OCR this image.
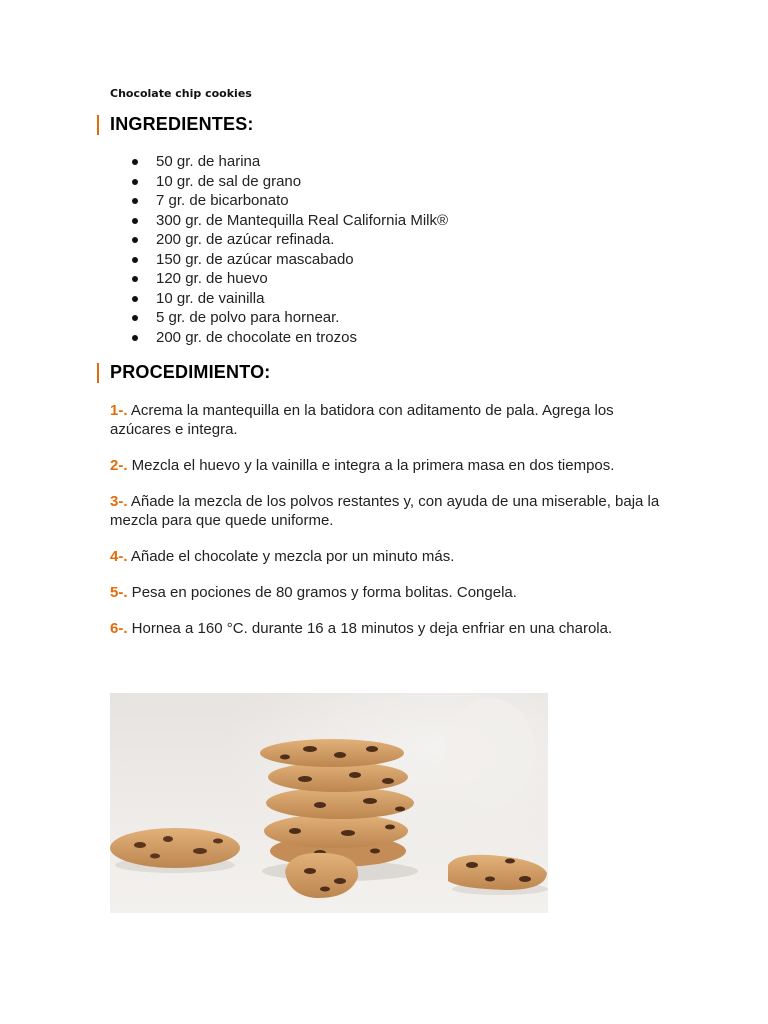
Chocolate chip cookies
INGREDIENTES:
50 gr. de harina
10 gr. de sal de grano
7 gr. de bicarbonato
300 gr. de Mantequilla Real California Milk®
200 gr. de azúcar refinada.
150 gr. de azúcar mascabado
120 gr. de huevo
10 gr. de vainilla
5 gr. de polvo para hornear.
200 gr. de chocolate en trozos
PROCEDIMIENTO:

1-. Acrema la mantequilla en la batidora con aditamento de pala. Agrega los azúcares e integra.

2-. Mezcla el huevo y la vainilla e integra a la primera masa en dos tiempos.

3-. Añade la mezcla de los polvos restantes y, con ayuda de una miserable, baja la mezcla para que quede uniforme.

4-. Añade el chocolate y mezcla por un minuto más.

5-. Pesa en pociones de 80 gramos y forma bolitas. Congela.

6-. Hornea a 160 °C. durante 16 a 18 minutos y deja enfriar en una charola.
